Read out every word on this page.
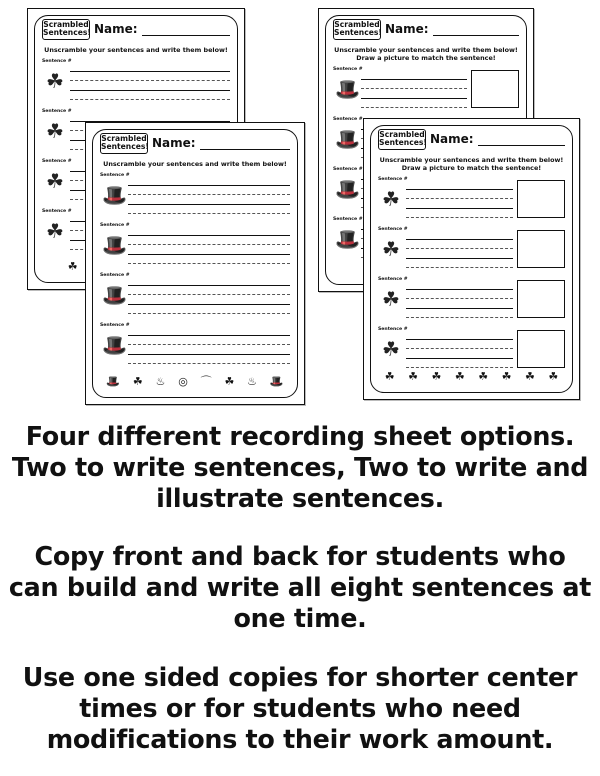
Scrambled Sentences! Name:
Unscramble your sentences and write them below!
Sentence #
☘
Sentence #
☘
Sentence #
☘
Sentence #
☘
☘
Scrambled Sentences! Name:
Unscramble your sentences and write them below!
Sentence #
🎩
Sentence #
🎩
Sentence #
🎩
Sentence #
🎩
🎩 ☘ ♨ ◎ ⌒ ☘ ♨ 🎩
Scrambled Sentences! Name:
Unscramble your sentences and write them below!
Draw a picture to match the sentence!
Sentence #
🎩
Sentence #
🎩
Sentence #
🎩
Sentence #
🎩
Scrambled Sentences! Name:
Unscramble your sentences and write them below!
Draw a picture to match the sentence!
Sentence #
☘
Sentence #
☘
Sentence #
☘
Sentence #
☘
☘ ☘ ☘ ☘ ☘ ☘ ☘ ☘

Four different recording sheet options.

Two to write sentences, Two to write and

illustrate sentences.

Copy front and back for students who

can build and write all eight sentences at

one time.

Use one sided copies for shorter center

times or for students who need

modifications to their work amount.
